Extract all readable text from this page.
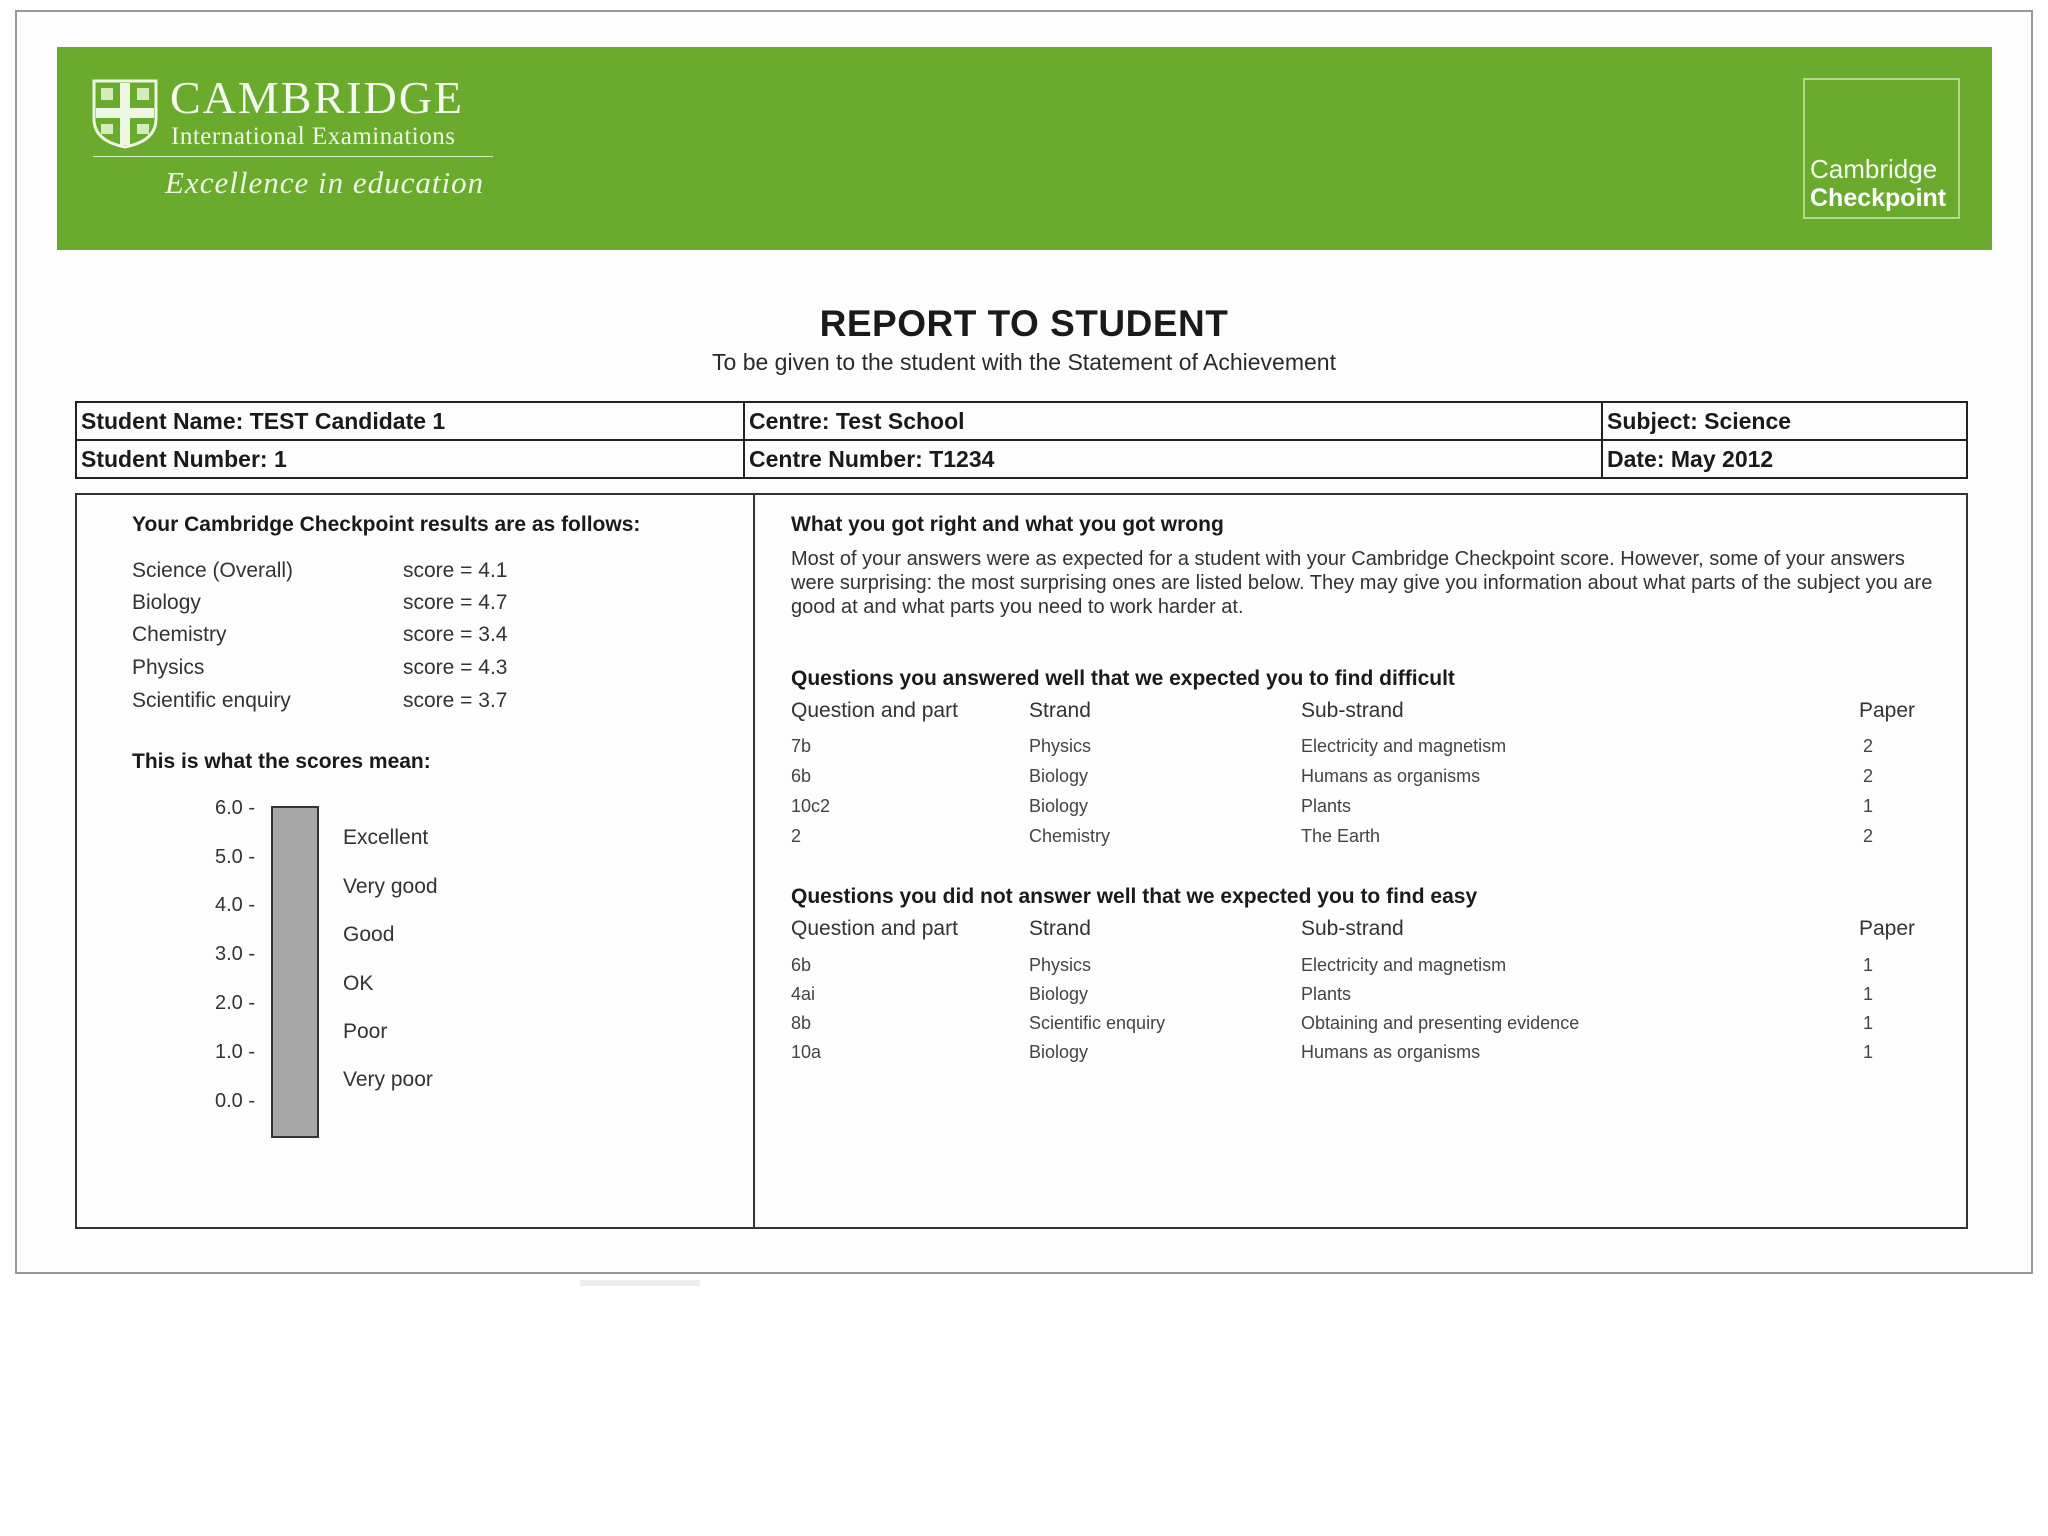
CAMBRIDGE
International Examinations
Excellence in education	Cambridge
Checkpoint
REPORT TO STUDENT
To be given to the student with the Statement of Achievement
Student Name: TEST Candidate 1	Centre: Test School	Subject: Science
Student Number: 1	Centre Number: T1234	Date: May 2012
Your Cambridge Checkpoint results are as follows:
Science (Overall)	score = 4.1
Biology	score = 4.7
Chemistry	score = 3.4
Physics	score = 4.3
Scientific enquiry	score = 3.7
This is what the scores mean:
6.0 -
5.0 -
4.0 -
3.0 -
2.0 -
1.0 -
0.0 -
Excellent
Very good
Good
OK
Poor
Very poor
What you got right and what you got wrong
Most of your answers were as expected for a student with your Cambridge Checkpoint score. However, some of your answers were surprising: the most surprising ones are listed below. They may give you information about what parts of the subject you are good at and what parts you need to work harder at.
Questions you answered well that we expected you to find difficult
Question and part	Strand	Sub-strand	Paper
7b	Physics	Electricity and magnetism	2
6b	Biology	Humans as organisms	2
10c2	Biology	Plants	1
2	Chemistry	The Earth	2
Questions you did not answer well that we expected you to find easy
Question and part	Strand	Sub-strand	Paper
6b	Physics	Electricity and magnetism	1
4ai	Biology	Plants	1
8b	Scientific enquiry	Obtaining and presenting evidence	1
10a	Biology	Humans as organisms	1
